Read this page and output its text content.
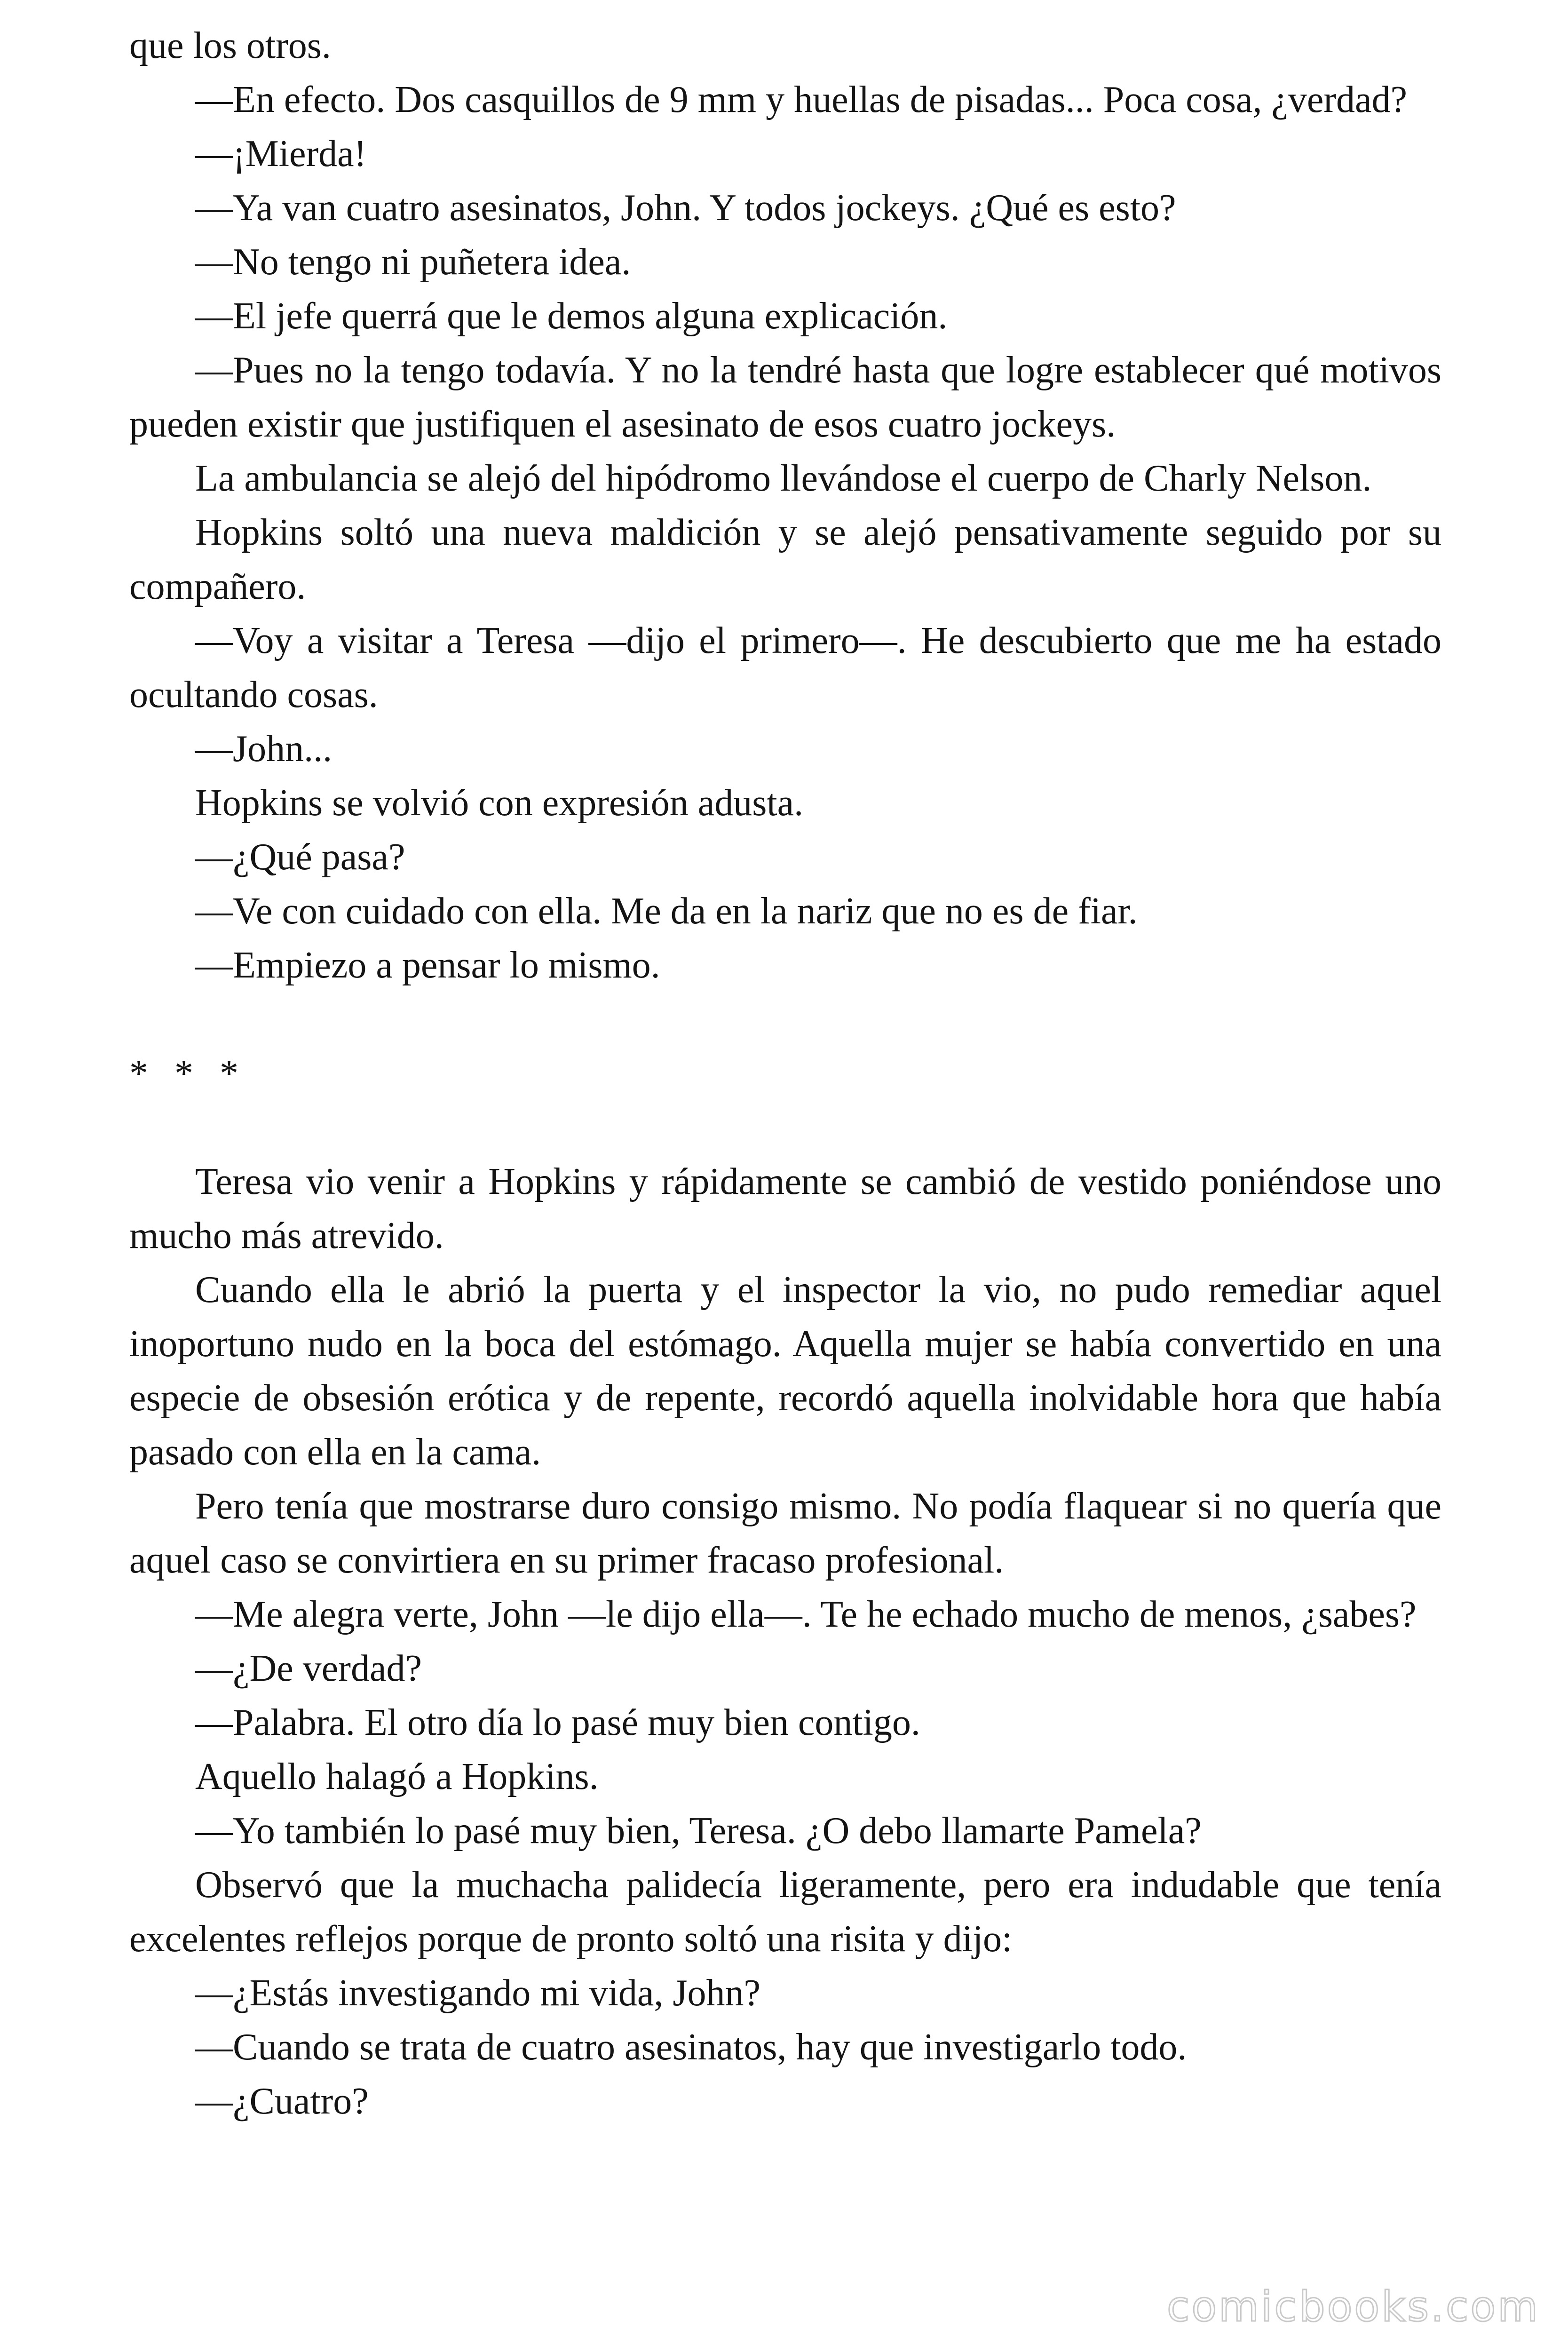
que los otros.

—En efecto. Dos casquillos de 9 mm y huellas de pisadas... Poca cosa, ¿verdad?

—¡Mierda!

—Ya van cuatro asesinatos, John. Y todos jockeys. ¿Qué es esto?

—No tengo ni puñetera idea.

—El jefe querrá que le demos alguna explicación.

—Pues no la tengo todavía. Y no la tendré hasta que logre establecer qué motivos pueden existir que justifiquen el asesinato de esos cuatro jockeys.

La ambulancia se alejó del hipódromo llevándose el cuerpo de Charly Nelson.

Hopkins soltó una nueva maldición y se alejó pensativamente seguido por su compañero.

—Voy a visitar a Teresa —dijo el primero—. He descubierto que me ha estado ocultando cosas.

—John...

Hopkins se volvió con expresión adusta.

—¿Qué pasa?

—Ve con cuidado con ella. Me da en la nariz que no es de fiar.

—Empiezo a pensar lo mismo.

* * *

Teresa vio venir a Hopkins y rápidamente se cambió de vestido poniéndose uno mucho más atrevido.

Cuando ella le abrió la puerta y el inspector la vio, no pudo remediar aquel inoportuno nudo en la boca del estómago. Aquella mujer se había convertido en una especie de obsesión erótica y de repente, recordó aquella inolvidable hora que había pasado con ella en la cama.

Pero tenía que mostrarse duro consigo mismo. No podía flaquear si no quería que aquel caso se convirtiera en su primer fracaso profesional.

—Me alegra verte, John —le dijo ella—. Te he echado mucho de menos, ¿sabes?

—¿De verdad?

—Palabra. El otro día lo pasé muy bien contigo.

Aquello halagó a Hopkins.

—Yo también lo pasé muy bien, Teresa. ¿O debo llamarte Pamela?

Observó que la muchacha palidecía ligeramente, pero era indudable que tenía excelentes reflejos porque de pronto soltó una risita y dijo:

—¿Estás investigando mi vida, John?

—Cuando se trata de cuatro asesinatos, hay que investigarlo todo.

—¿Cuatro?

comicbooks.com
